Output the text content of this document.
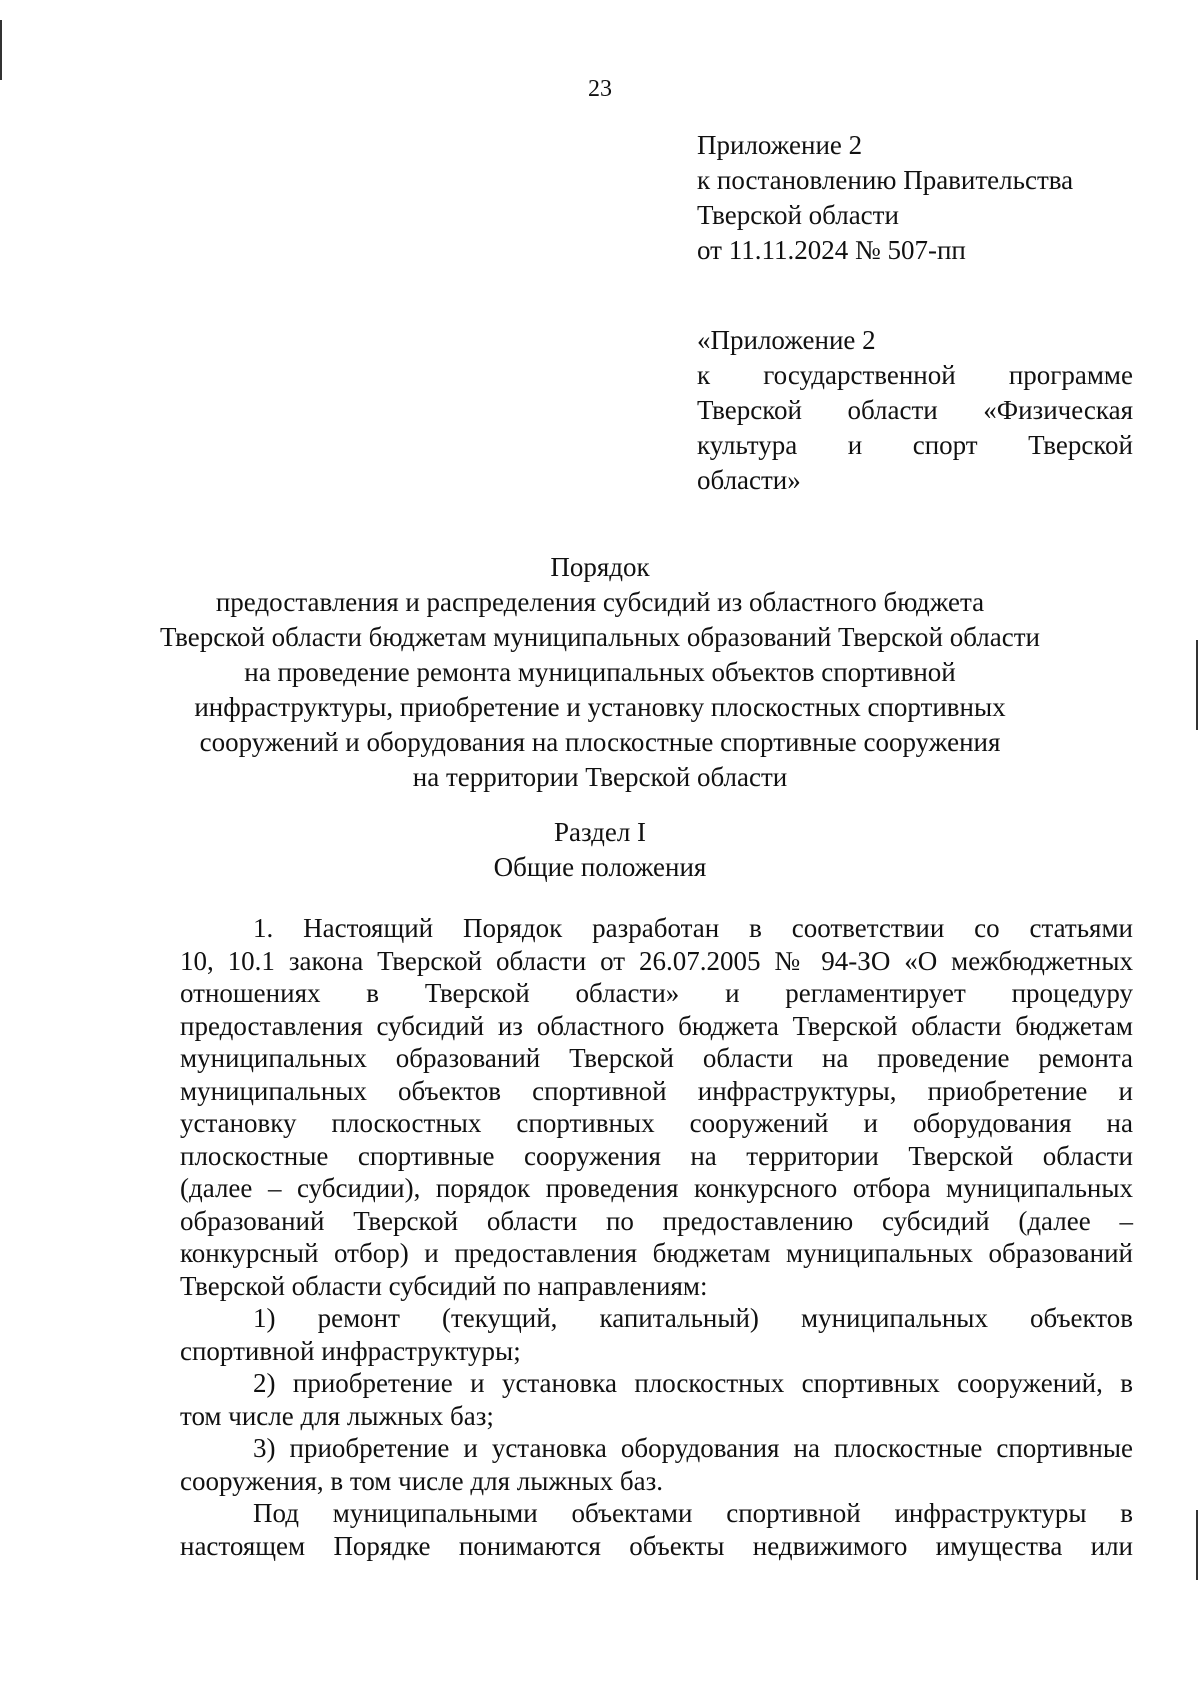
23
Приложение 2
к постановлению Правительства
Тверской области
от 11.11.2024 № 507-пп
«Приложение 2
к государственной программе
Тверской области «Физическая
культура и спорт Тверской
области»
Порядок
предоставления и распределения субсидий из областного бюджета
Тверской области бюджетам муниципальных образований Тверской области
на проведение ремонта муниципальных объектов спортивной
инфраструктуры, приобретение и установку плоскостных спортивных
сооружений и оборудования на плоскостные спортивные сооружения
на территории Тверской области
Раздел I
Общие положения
1. Настоящий Порядок разработан в соответствии со статьями
10, 10.1 закона Тверской области от 26.07.2005 № 94-ЗО «О межбюджетных
отношениях в Тверской области» и регламентирует процедуру
предоставления субсидий из областного бюджета Тверской области бюджетам
муниципальных образований Тверской области на проведение ремонта
муниципальных объектов спортивной инфраструктуры, приобретение и
установку плоскостных спортивных сооружений и оборудования на
плоскостные спортивные сооружения на территории Тверской области
(далее – субсидии), порядок проведения конкурсного отбора муниципальных
образований Тверской области по предоставлению субсидий (далее –
конкурсный отбор) и предоставления бюджетам муниципальных образований
Тверской области субсидий по направлениям:
1) ремонт (текущий, капитальный) муниципальных объектов
спортивной инфраструктуры;
2) приобретение и установка плоскостных спортивных сооружений, в
том числе для лыжных баз;
3) приобретение и установка оборудования на плоскостные спортивные
сооружения, в том числе для лыжных баз.
Под муниципальными объектами спортивной инфраструктуры в
настоящем Порядке понимаются объекты недвижимого имущества или
